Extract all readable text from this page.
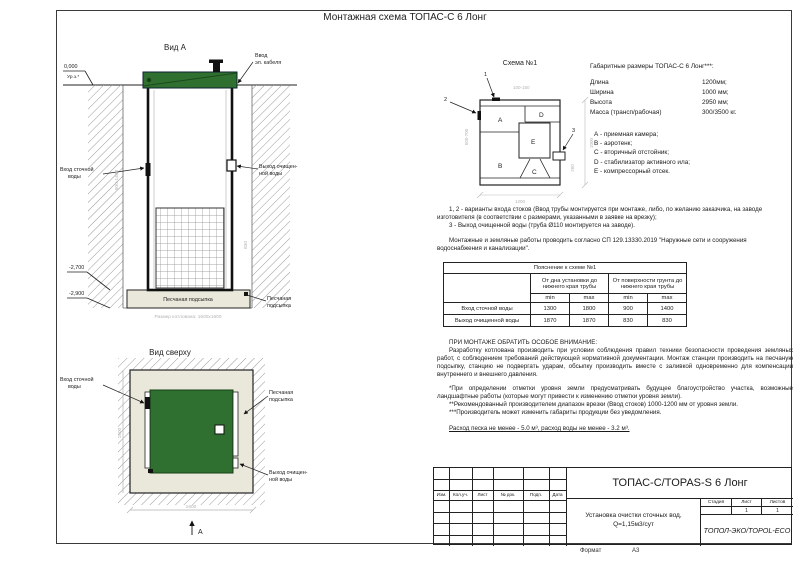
Монтажная схема ТОПАС-С 6 Лонг
Вид А
Песчаная подсыпка
0,000
Ур.з.*
-2,700
-2,900
Ввод
эл. кабеля
Вход сточной
воды
Выход очищен-
ной воды
Песчаная
подсыпка
Размер котлована: 1600х1600
900-1400
830
Вид сверху
Вход сточной
воды
Песчаная
подсыпка
Выход очищен-
ной воды
1600
1600
А
Схема №1
A
B
C
D
E
1
2
3
100-150
500-700	1000
260
1200
Габаритные размеры ТОПАС-С 6 Лонг***:
Длина	1200мм;
Ширина	1000 мм;
Высота	2950 мм;
Масса (трансп/рабочая)	300/3500 кг.
А - приемная камера;
В - аэротенк;
С - вторичный отстойник;
D - стабилизатор активного ила;
Е - компрессорный отсек.

1, 2 - варианты входа стоков (Ввод трубы монтируется при монтаже, либо, по желанию заказчика, на заводе изготовителя (в соответствии с размерами, указанными в заявке на врезку);

3 - Выход очищенной воды (труба Ø110 монтируется на заводе).

Монтажные и земляные работы проводить согласно СП 129.13330.2019 "Наружные сети и сооружения водоснабжения и канализации".

Пояснение к схеме №1				
	От дна установки до нижнего края трубы		От поверхности грунта до нижнего края трубы	
	min	max	min	max
Вход сточной воды	1300	1800	900	1400
Выход очищенной воды	1870	1870	830	830
ПРИ МОНТАЖЕ ОБРАТИТЬ ОСОБОЕ ВНИМАНИЕ:

Разработку котлована производить при условии соблюдения правил техники безопасности проведения земляных работ, с соблюдением требований действующей нормативной документации. Монтаж станции производить на песчаную подсыпку, станцию не подвергать ударам, обсыпку производить вместе с заливкой одновременно для компенсации внутреннего и внешнего давления.

*При определении отметки уровня земли предусматривать будущее благоустройство участка, возможные ландшафтные работы (которые могут привести к изменению отметки уровня земли).

**Рекомендованный производителем диапазон врезки (Ввод стоков) 1000-1200 мм от уровня земли.

***Производитель может изменить габариты продукции без уведомления.

Расход песка не менее - 5.0 м³, расход воды не менее - 3.2 м³.

Изм.	Кол.уч.	Лист	№ док.	Подп.	Дата
ТОПАС-С/TOPAS-S 6 Лонг
Установка очистки сточных вод,
Q=1,15м3/сут
Стадия	Лист	Листов
1	1
ТОПОЛ-ЭКО/TOPOL-ECO
Формат	А3
